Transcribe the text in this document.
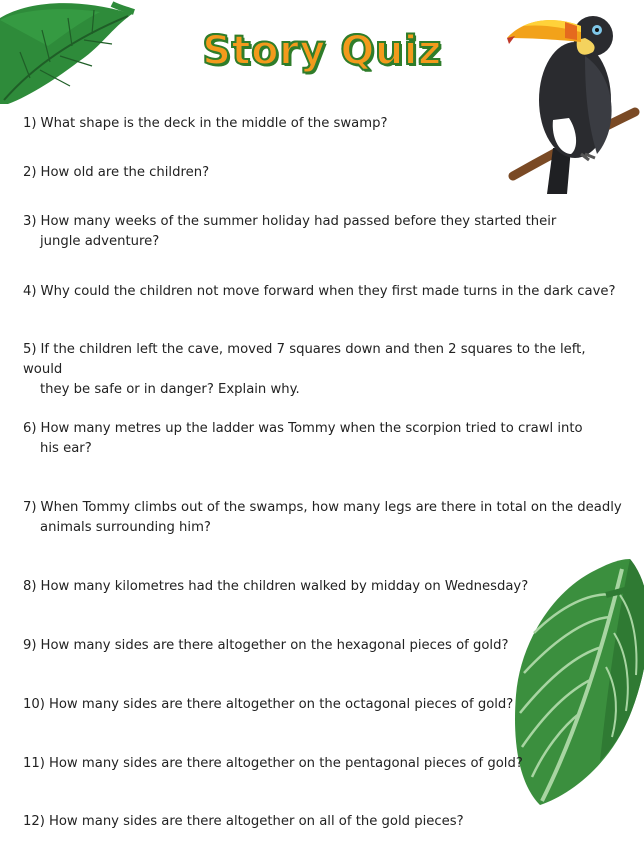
Story Quiz
1) What shape is the deck in the middle of the swamp?
2) How old are the children?
3) How many weeks of the summer holiday had passed before they started their
jungle adventure?
4) Why could the children not move forward when they first made turns in the dark cave?
5) If the children left the cave, moved 7 squares down and then 2 squares to the left, would
they be safe or in danger? Explain why.
6) How many metres up the ladder was Tommy when the scorpion tried to crawl into
his ear?
7) When Tommy climbs out of the swamps, how many legs are there in total on the deadly
animals surrounding him?
8) How many kilometres had the children walked by midday on Wednesday?
9) How many sides are there altogether on the hexagonal pieces of gold?
10) How many sides are there altogether on the octagonal pieces of gold?
11) How many sides are there altogether on the pentagonal pieces of gold?
12) How many sides are there altogether on all of the gold pieces?
